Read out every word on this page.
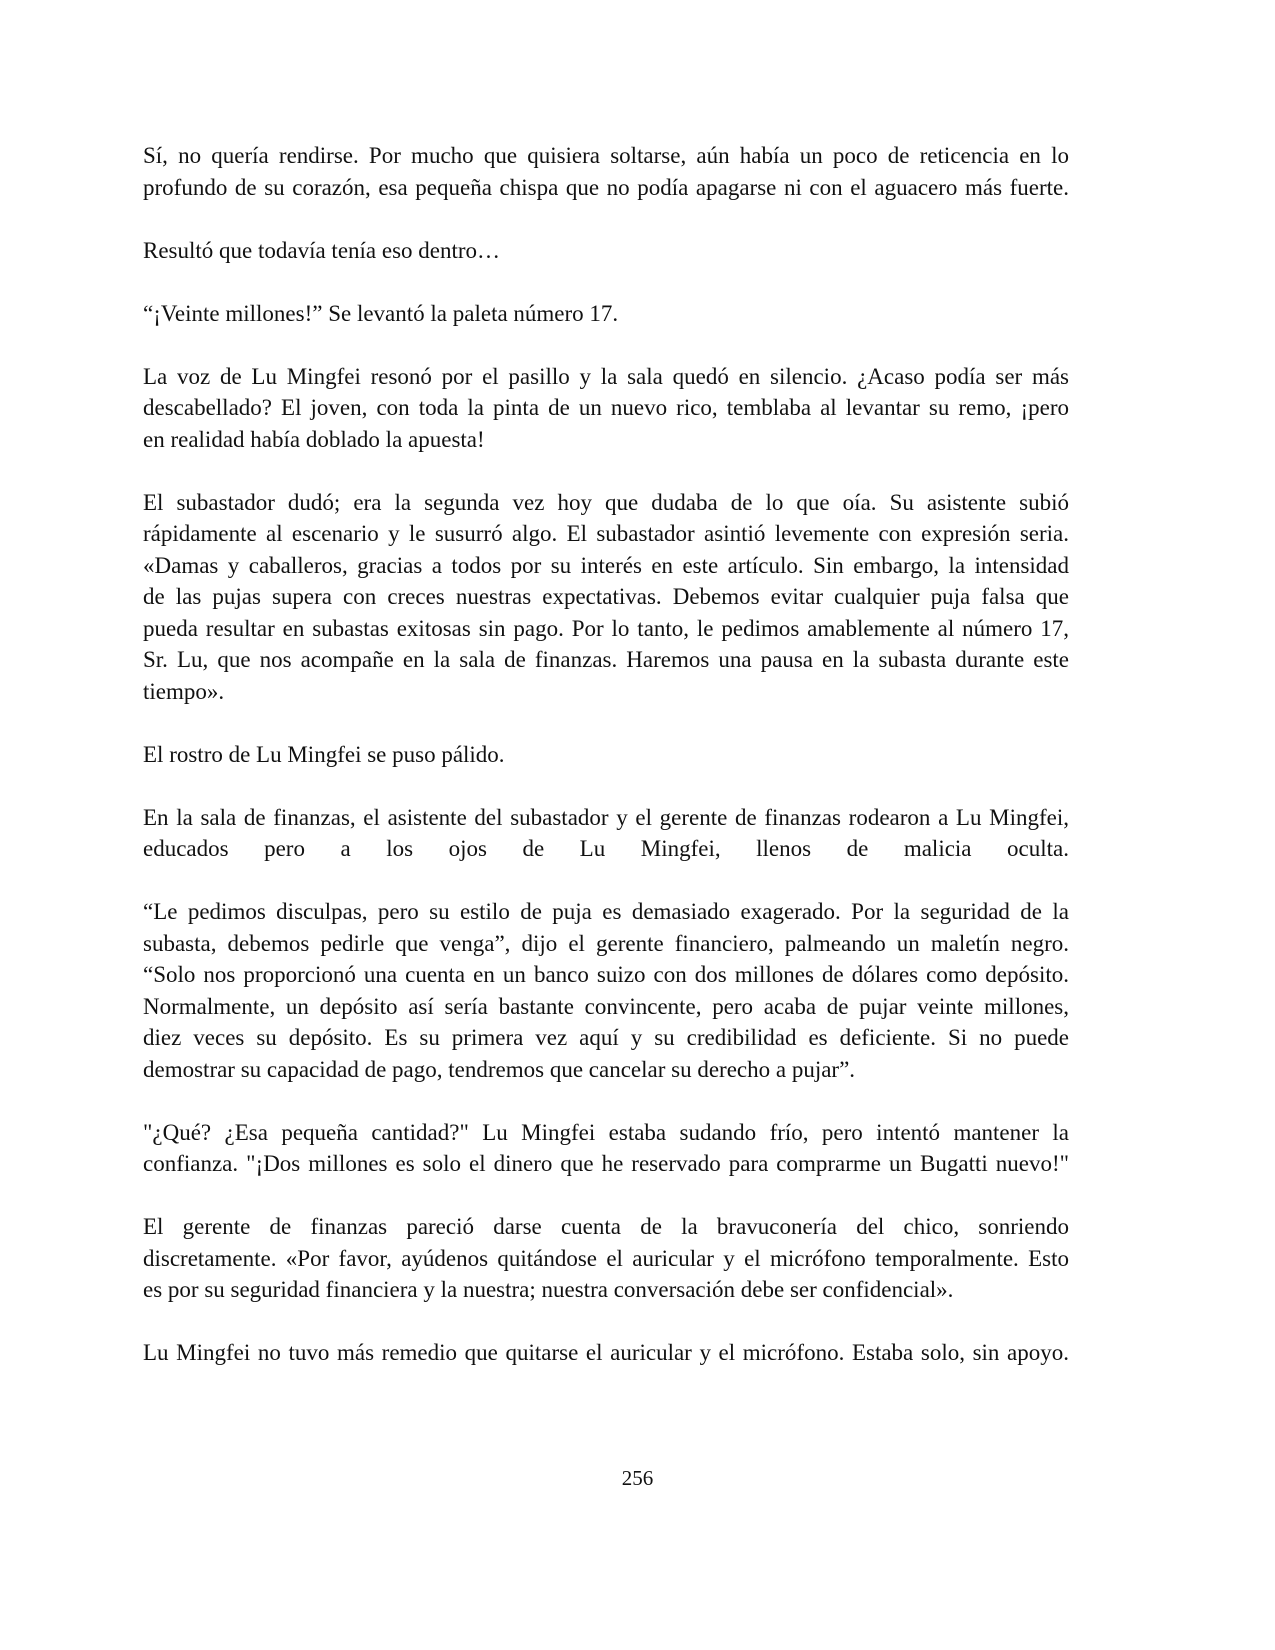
Sí, no quería rendirse. Por mucho que quisiera soltarse, aún había un poco de reticencia en lo
profundo de su corazón, esa pequeña chispa que no podía apagarse ni con el aguacero más fuerte.
Resultó que todavía tenía eso dentro…
“¡Veinte millones!” Se levantó la paleta número 17.
La voz de Lu Mingfei resonó por el pasillo y la sala quedó en silencio. ¿Acaso podía ser más
descabellado? El joven, con toda la pinta de un nuevo rico, temblaba al levantar su remo, ¡pero
en realidad había doblado la apuesta!
El subastador dudó; era la segunda vez hoy que dudaba de lo que oía. Su asistente subió
rápidamente al escenario y le susurró algo. El subastador asintió levemente con expresión seria.
«Damas y caballeros, gracias a todos por su interés en este artículo. Sin embargo, la intensidad
de las pujas supera con creces nuestras expectativas. Debemos evitar cualquier puja falsa que
pueda resultar en subastas exitosas sin pago. Por lo tanto, le pedimos amablemente al número 17,
Sr. Lu, que nos acompañe en la sala de finanzas. Haremos una pausa en la subasta durante este
tiempo».
El rostro de Lu Mingfei se puso pálido.
En la sala de finanzas, el asistente del subastador y el gerente de finanzas rodearon a Lu Mingfei,
educados pero a los ojos de Lu Mingfei, llenos de malicia oculta.
“Le pedimos disculpas, pero su estilo de puja es demasiado exagerado. Por la seguridad de la
subasta, debemos pedirle que venga”, dijo el gerente financiero, palmeando un maletín negro.
“Solo nos proporcionó una cuenta en un banco suizo con dos millones de dólares como depósito.
Normalmente, un depósito así sería bastante convincente, pero acaba de pujar veinte millones,
diez veces su depósito. Es su primera vez aquí y su credibilidad es deficiente. Si no puede
demostrar su capacidad de pago, tendremos que cancelar su derecho a pujar”.
"¿Qué? ¿Esa pequeña cantidad?" Lu Mingfei estaba sudando frío, pero intentó mantener la
confianza. "¡Dos millones es solo el dinero que he reservado para comprarme un Bugatti nuevo!"
El gerente de finanzas pareció darse cuenta de la bravuconería del chico, sonriendo
discretamente. «Por favor, ayúdenos quitándose el auricular y el micrófono temporalmente. Esto
es por su seguridad financiera y la nuestra; nuestra conversación debe ser confidencial».
Lu Mingfei no tuvo más remedio que quitarse el auricular y el micrófono. Estaba solo, sin apoyo.
256
